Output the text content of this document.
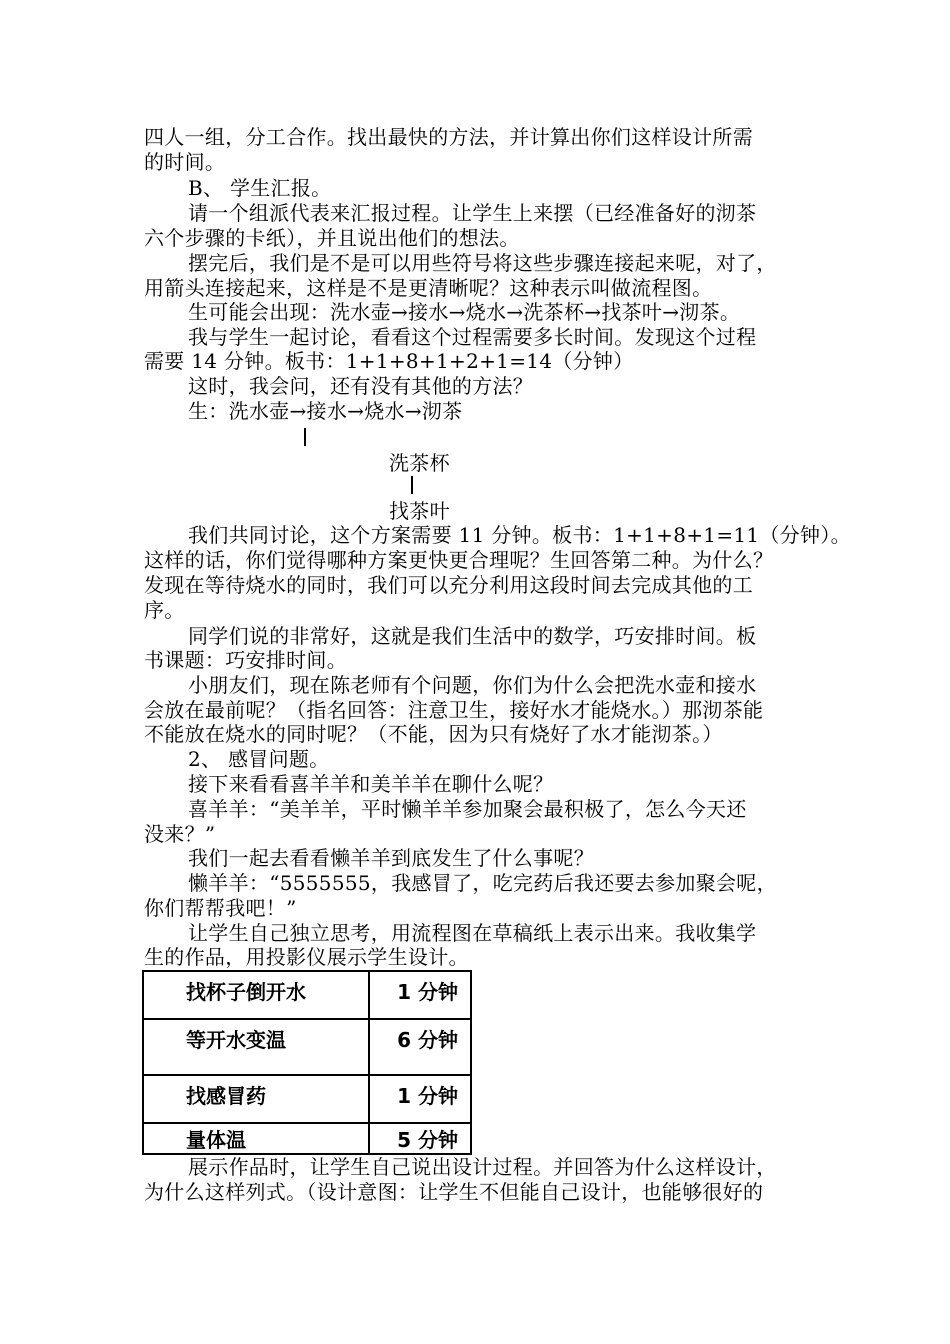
四人一组，分工合作。找出最快的方法，并计算出你们这样设计所需
的时间。
B、 学生汇报。
请一个组派代表来汇报过程。让学生上来摆（已经准备好的沏茶
六个步骤的卡纸），并且说出他们的想法。
摆完后，我们是不是可以用些符号将这些步骤连接起来呢，对了，
用箭头连接起来，这样是不是更清晰呢？这种表示叫做流程图。
生可能会出现：洗水壶→接水→烧水→洗茶杯→找茶叶→沏茶。
我与学生一起讨论，看看这个过程需要多长时间。发现这个过程
需要 14 分钟。板书：1+1+8+1+2+1=14（分钟）
这时，我会问，还有没有其他的方法？
生：洗水壶→接水→烧水→沏茶
洗茶杯
找茶叶
我们共同讨论，这个方案需要 11 分钟。板书：1+1+8+1=11（分钟）。
这样的话，你们觉得哪种方案更快更合理呢？生回答第二种。为什么？
发现在等待烧水的同时，我们可以充分利用这段时间去完成其他的工
序。
同学们说的非常好，这就是我们生活中的数学，巧安排时间。板
书课题：巧安排时间。
小朋友们，现在陈老师有个问题，你们为什么会把洗水壶和接水
会放在最前呢？（指名回答：注意卫生，接好水才能烧水。）那沏茶能
不能放在烧水的同时呢？（不能，因为只有烧好了水才能沏茶。）
2、 感冒问题。
接下来看看喜羊羊和美羊羊在聊什么呢？
喜羊羊：“美羊羊，平时懒羊羊参加聚会最积极了，怎么今天还
没来？”
我们一起去看看懒羊羊到底发生了什么事呢？
懒羊羊：“5555555，我感冒了，吃完药后我还要去参加聚会呢，
你们帮帮我吧！”
让学生自己独立思考，用流程图在草稿纸上表示出来。我收集学
生的作品，用投影仪展示学生设计。
找杯子倒开水	1 分钟
等开水变温	6 分钟
找感冒药	1 分钟
量体温	5 分钟
展示作品时，让学生自己说出设计过程。并回答为什么这样设计，
为什么这样列式。（设计意图：让学生不但能自己设计，也能够很好的
